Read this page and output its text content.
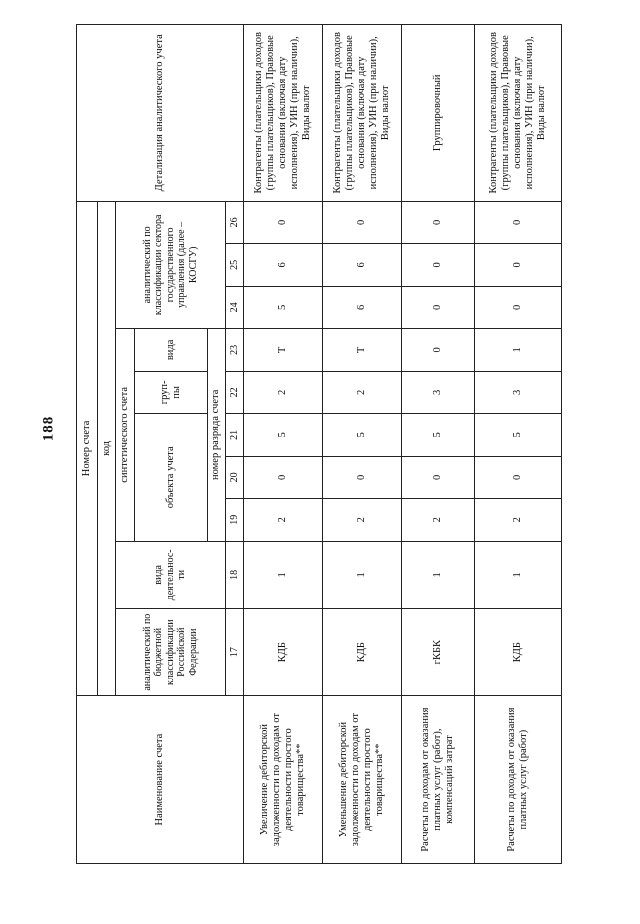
188
Наименование счета	Номер счета										Детализация аналитического учета
	код										
	аналитический по бюджетной классификации Российской Федерации	вида деятельнос-ти	синтетического счета					аналитический по классификации сектора государственного управления (далее – КОСГУ)			
			объекта учета			груп-пы	вида				
			номер разряда счета								
	17	18	19	20	21	22	23	24	25	26	
Увеличение дебиторской задолженности по доходам от деятельности простого товарищества**	КДБ	1	2	0	5	2	Т	5	6	0	Контрагенты (плательщики доходов (группы плательщиков), Правовые основания (включая дату исполнения), УИН (при наличии), Виды валют
Уменьшение дебиторской задолженности по доходам от деятельности простого товарищества**	КДБ	1	2	0	5	2	Т	6	6	0	Контрагенты (плательщики доходов (группы плательщиков), Правовые основания (включая дату исполнения), УИН (при наличии), Виды валют
Расчеты по доходам от оказания платных услуг (работ), компенсаций затрат	гКБК	1	2	0	5	3	0	0	0	0	Группировочный
Расчеты по доходам от оказания платных услуг (работ)	КДБ	1	2	0	5	3	1	0	0	0	Контрагенты (плательщики доходов (группы плательщиков), Правовые основания (включая дату исполнения), УИН (при наличии), Виды валют
